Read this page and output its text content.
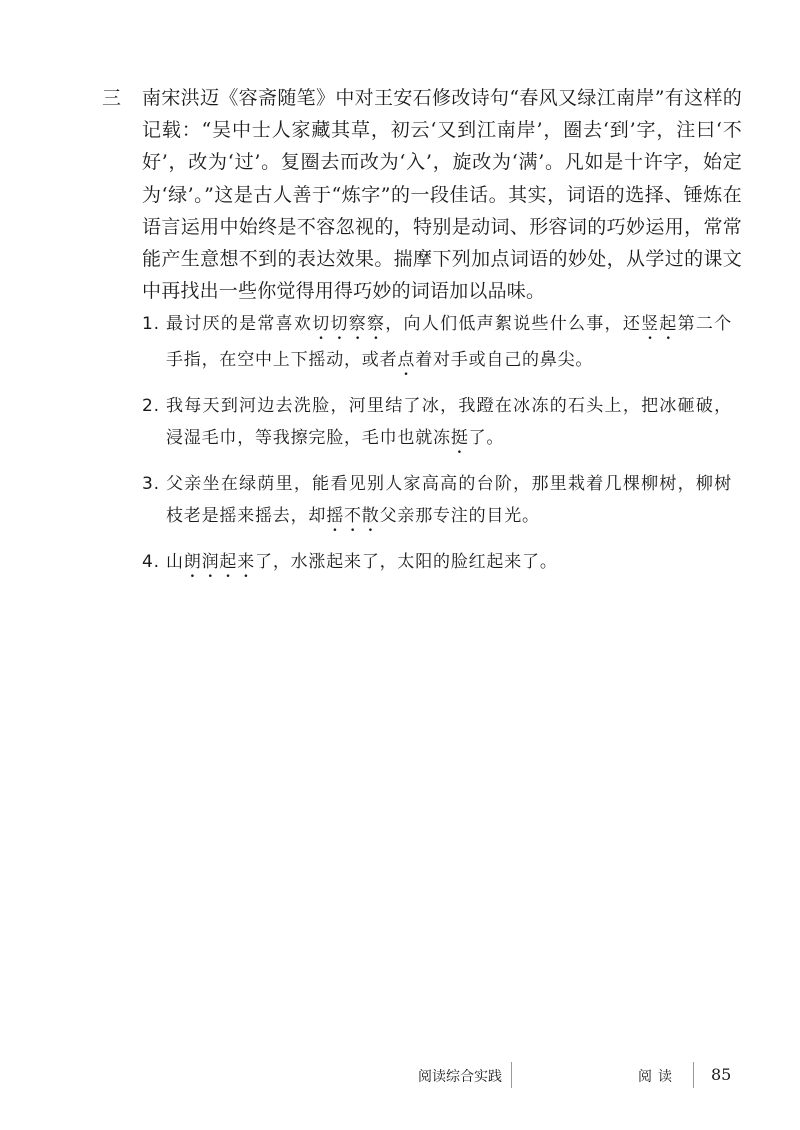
三 南宋洪迈《容斋随笔》中对王安石修改诗句“春风又绿江南岸”有这样的记载：“吴中士人家藏其草，初云‘又到江南岸’，圈去‘到’字，注曰‘不好’，改为‘过’。复圈去而改为‘入’，旋改为‘满’。凡如是十许字，始定为‘绿’。”这是古人善于“炼字”的一段佳话。其实，词语的选择、锤炼在语言运用中始终是不容忽视的，特别是动词、形容词的巧妙运用，常常能产生意想不到的表达效果。揣摩下列加点词语的妙处，从学过的课文中再找出一些你觉得用得巧妙的词语加以品味。
1. 最讨厌的是常喜欢切切察察，向人们低声絮说些什么事，还竖起第二个手指，在空中上下摇动，或者点着对手或自己的鼻尖。
2. 我每天到河边去洗脸，河里结了冰，我蹬在冰冻的石头上，把冰砸破，浸湿毛巾，等我擦完脸，毛巾也就冻挺了。
3. 父亲坐在绿荫里，能看见别人家高高的台阶，那里栽着几棵柳树，柳树枝老是摇来摇去，却摇不散父亲那专注的目光。
4. 山朗润起来了，水涨起来了，太阳的脸红起来了。
阅读综合实践	阅读 85
